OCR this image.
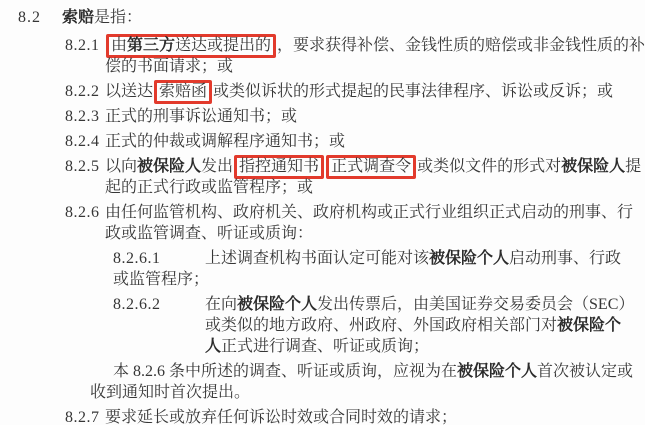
8.2 索赔是指：
8.2.1 由第三方送达或提出的 ，要求获得补偿、金钱性质的赔偿或非金钱性质的补
偿的书面请求；或
8.2.2 以送达 索赔函 或类似诉状的形式提起的民事法律程序、诉讼或反诉；或
8.2.3 正式的刑事诉讼通知书；或
8.2.4 正式的仲裁或调解程序通知书；或
8.2.5 以向被保险人发出 指控通知书 正式调查令 或类似文件的形式对被保险人提
起的正式行政或监管程序；或
8.2.6 由任何监管机构、政府机关、政府机构或正式行业组织正式启动的刑事、行
政或监管调查、听证或质询：
8.2.6.1	上述调查机构书面认定可能对该被保险个人启动刑事、行政
或监管程序；
8.2.6.2	在向被保险个人发出传票后，由美国证券交易委员会（SEC）
或类似的地方政府、州政府、外国政府相关部门对被保险个
人正式进行调查、听证或质询；
本 8.2.6 条中所述的调查、听证或质询，应视为在被保险个人首次被认定或
收到通知时首次提出。
8.2.7 要求延长或放弃任何诉讼时效或合同时效的请求；
